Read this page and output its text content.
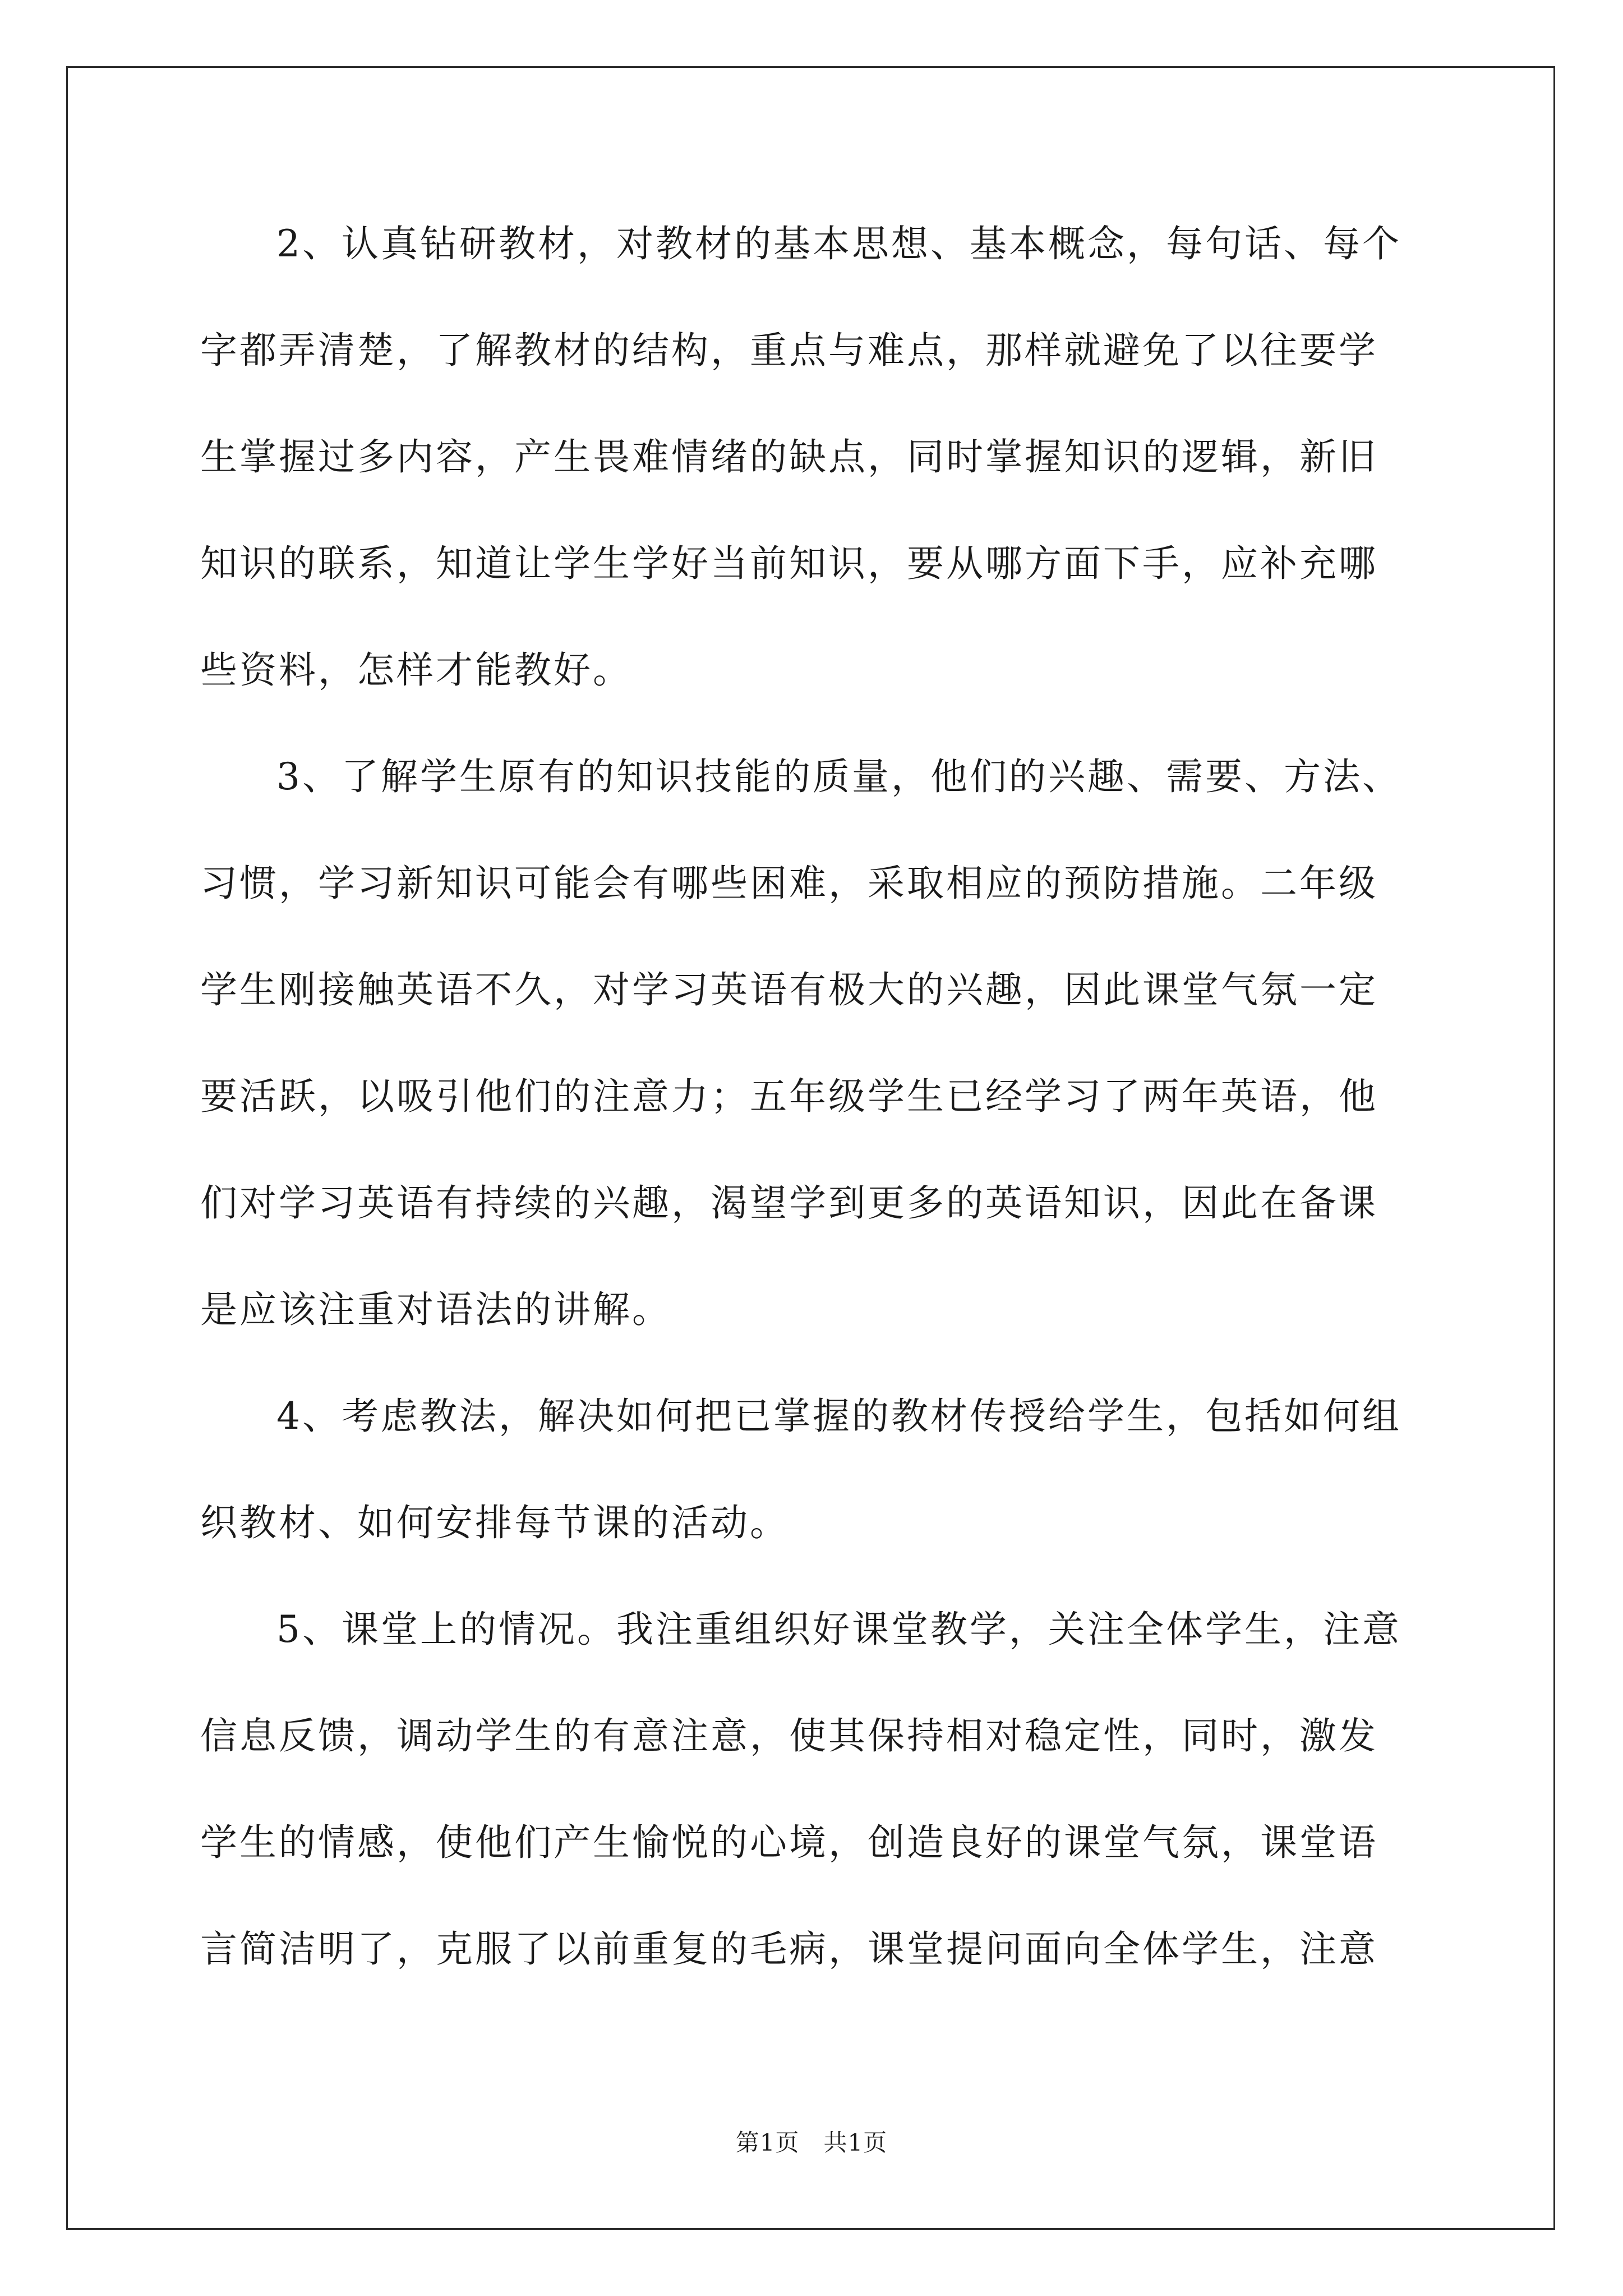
2、认真钻研教材，对教材的基本思想、基本概念，每句话、每个
字都弄清楚，了解教材的结构，重点与难点，那样就避免了以往要学
生掌握过多内容，产生畏难情绪的缺点，同时掌握知识的逻辑，新旧
知识的联系，知道让学生学好当前知识，要从哪方面下手，应补充哪
些资料，怎样才能教好。
3、了解学生原有的知识技能的质量，他们的兴趣、需要、方法、
习惯，学习新知识可能会有哪些困难，采取相应的预防措施。二年级
学生刚接触英语不久，对学习英语有极大的兴趣，因此课堂气氛一定
要活跃，以吸引他们的注意力；五年级学生已经学习了两年英语，他
们对学习英语有持续的兴趣，渴望学到更多的英语知识，因此在备课
是应该注重对语法的讲解。
4、考虑教法，解决如何把已掌握的教材传授给学生，包括如何组
织教材、如何安排每节课的活动。
5、课堂上的情况。我注重组织好课堂教学，关注全体学生，注意
信息反馈，调动学生的有意注意，使其保持相对稳定性，同时，激发
学生的情感，使他们产生愉悦的心境，创造良好的课堂气氛，课堂语
言简洁明了，克服了以前重复的毛病，课堂提问面向全体学生，注意
第1页　共1页
